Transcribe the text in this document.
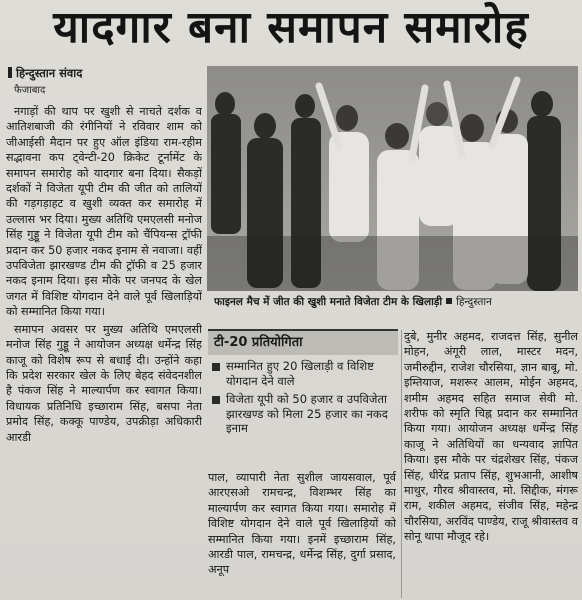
यादगार बना समापन समारोह
हिन्दुस्तान संवाद
फैजाबाद

नगाड़ों की थाप पर खुशी से नाचते दर्शक व आतिशबाजी की रंगीनियों ने रविवार शाम को जीआईसी मैदान पर हुए ऑल इंडिया राम-रहीम सद्भावना कप ट्वेन्टी-20 क्रिकेट टूर्नामेंट के समापन समारोह को यादगार बना दिया। सैकड़ों दर्शकों ने विजेता यूपी टीम की जीत को तालियों की गड़गड़ाहट व खुशी व्यक्त कर समारोह में उल्लास भर दिया। मुख्य अतिथि एमएलसी मनोज सिंह गुड्डू ने विजेता यूपी टीम को चैंपियन्स ट्रॉफी प्रदान कर 50 हजार नकद इनाम से नवाजा। वहीं उपविजेता झारखण्ड टीम की ट्रॉफी व 25 हजार नकद इनाम दिया। इस मौके पर जनपद के खेल जगत में विशिष्ट योगदान देने वाले पूर्व खिलाड़ियों को सम्मानित किया गया।

समापन अवसर पर मुख्य अतिथि एमएलसी मनोज सिंह गुड्डू ने आयोजन अध्यक्ष धर्मेन्द्र सिंह काजू को विशेष रूप से बधाई दी। उन्होंने कहा कि प्रदेश सरकार खेल के लिए बेहद संवेदनशील है पंकज सिंह ने माल्यार्पण कर स्वागत किया। विधायक प्रतिनिधि इच्छाराम सिंह, बसपा नेता प्रमोद सिंह, कक्कू पाण्डेय, उपक्रीड़ा अधिकारी आरडी

फाइनल मैच में जीत की खुशी मनाते विजेता टीम के खिलाड़ी हिन्दुस्तान
टी-20 प्रतियोगिता
सम्मानित हुए 20 खिलाड़ी व विशिष्ट योगदान देने वाले
विजेता यूपी को 50 हजार व उपविजेता झारखण्ड को मिला 25 हजार का नकद इनाम
पाल, व्यापारी नेता सुशील जायसवाल, पूर्व आरएसओ रामचन्द्र, विशम्भर सिंह का माल्यार्पण कर स्वागत किया गया। समारोह में विशिष्ट योगदान देने वाले पूर्व खिलाड़ियों को सम्मानित किया गया। इनमें इच्छाराम सिंह, आरडी पाल, रामचन्द्र, धर्मेन्द्र सिंह, दुर्गा प्रसाद, अनूप
दुबे, मुनीर अहमद, राजदत्त सिंह, सुनील मोहन, अंगूरी लाल, मास्टर मदन, जमीरुद्दीन, राजेश चौरसिया, ज्ञान बाबू, मो. इम्तियाज, मशरूर आलम, मोईन अहमद, शमीम अहमद सहित समाज सेवी मो. शरीफ को स्मृति चिह्न प्रदान कर सम्मानित किया गया। आयोजन अध्यक्ष धर्मेन्द्र सिंह काजू ने अतिथियों का धन्यवाद ज्ञापित किया। इस मौके पर चंद्रशेखर सिंह, पंकज सिंह, धीरेंद्र प्रताप सिंह, शुभआनी, आशीष माथुर, गौरव श्रीवास्तव, मो. सिद्दीक, मंगरू राम, शकील अहमद, संजीव सिंह, महेन्द्र चौरसिया, अरविंद पाण्डेय, राजू श्रीवास्तव व सोनू थापा मौजूद रहे।
